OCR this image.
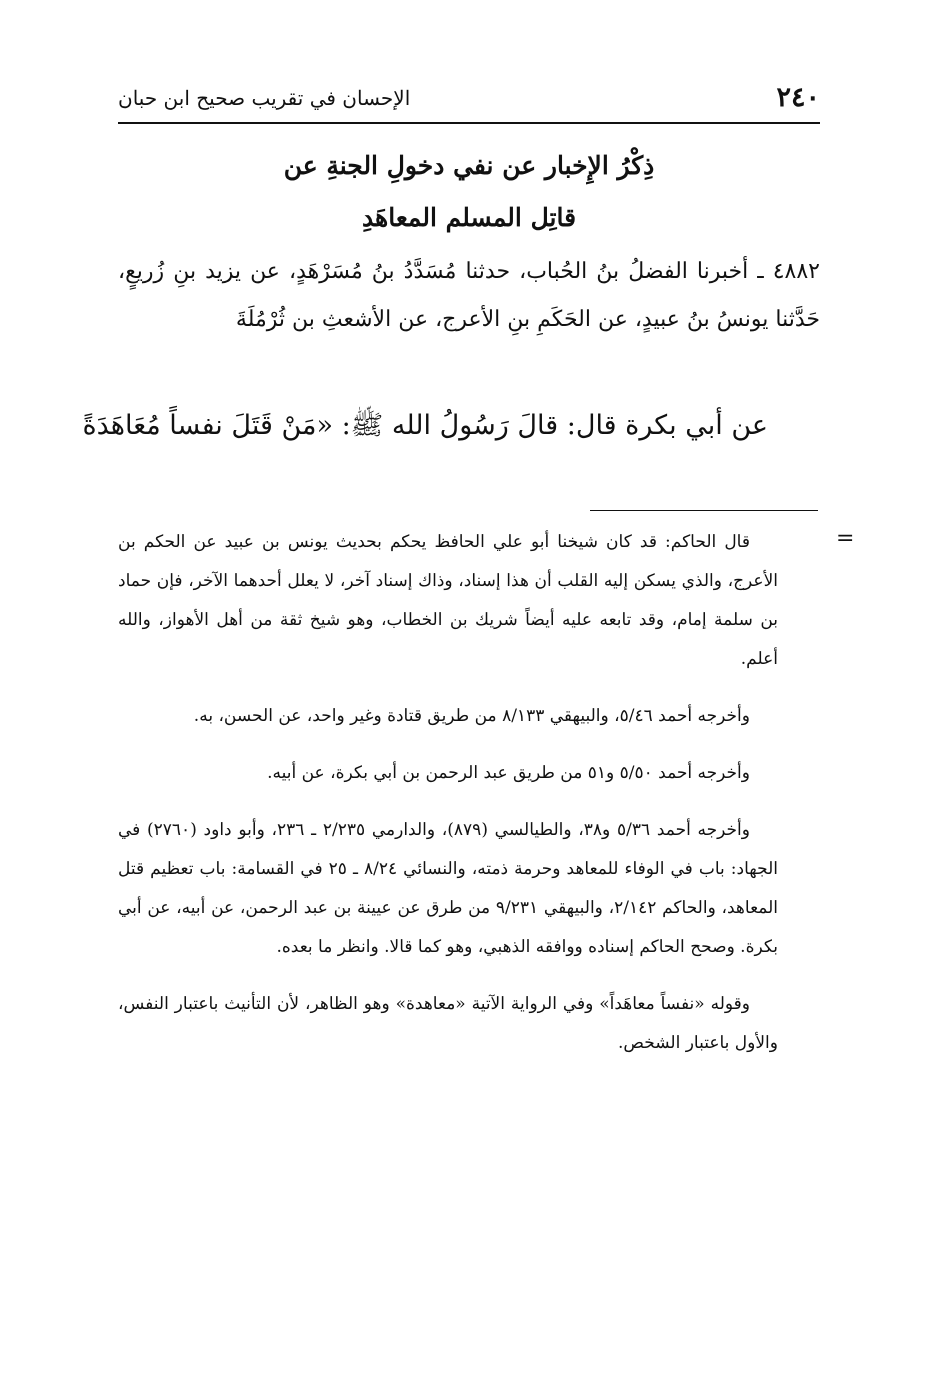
٢٤٠
الإحسان في تقريب صحيح ابن حبان
ذِكْرُ الإِخبار عن نفي دخولِ الجنةِ عن
قاتِل المسلم المعاهَدِ
٤٨٨٢ ـ أخبرنا الفضلُ بنُ الحُباب، حدثنا مُسَدَّدُ بنُ مُسَرْهَدٍ، عن يزيد بنِ زُريعٍ، حَدَّثنا يونسُ بنُ عبيدٍ، عن الحَكَمِ بنِ الأعرج، عن الأشعثِ بن ثُرْمُلَةَ
عن أبي بكرة قال: قالَ رَسُولُ الله ﷺ: «مَنْ قَتَلَ نفساً مُعَاهَدَةً
=

قال الحاكم: قد كان شيخنا أبو علي الحافظ يحكم بحديث يونس بن عبيد عن الحكم بن الأعرج، والذي يسكن إليه القلب أن هذا إسناد، وذاك إسناد آخر، لا يعلل أحدهما الآخر، فإن حماد بن سلمة إمام، وقد تابعه عليه أيضاً شريك بن الخطاب، وهو شيخ ثقة من أهل الأهواز، والله أعلم.

وأخرجه أحمد ٥/٤٦، والبيهقي ٨/١٣٣ من طريق قتادة وغير واحد، عن الحسن، به.

وأخرجه أحمد ٥/٥٠ و٥١ من طريق عبد الرحمن بن أبي بكرة، عن أبيه.

وأخرجه أحمد ٥/٣٦ و٣٨، والطيالسي (٨٧٩)، والدارمي ٢/٢٣٥ ـ ٢٣٦، وأبو داود (٢٧٦٠) في الجهاد: باب في الوفاء للمعاهد وحرمة ذمته، والنسائي ٨/٢٤ ـ ٢٥ في القسامة: باب تعظيم قتل المعاهد، والحاكم ٢/١٤٢، والبيهقي ٩/٢٣١ من طرق عن عيينة بن عبد الرحمن، عن أبيه، عن أبي بكرة. وصحح الحاكم إسناده ووافقه الذهبي، وهو كما قالا. وانظر ما بعده.

وقوله «نفساً معاهَداً» وفي الرواية الآتية «معاهدة» وهو الظاهر، لأن التأنيث باعتبار النفس، والأول باعتبار الشخص.
